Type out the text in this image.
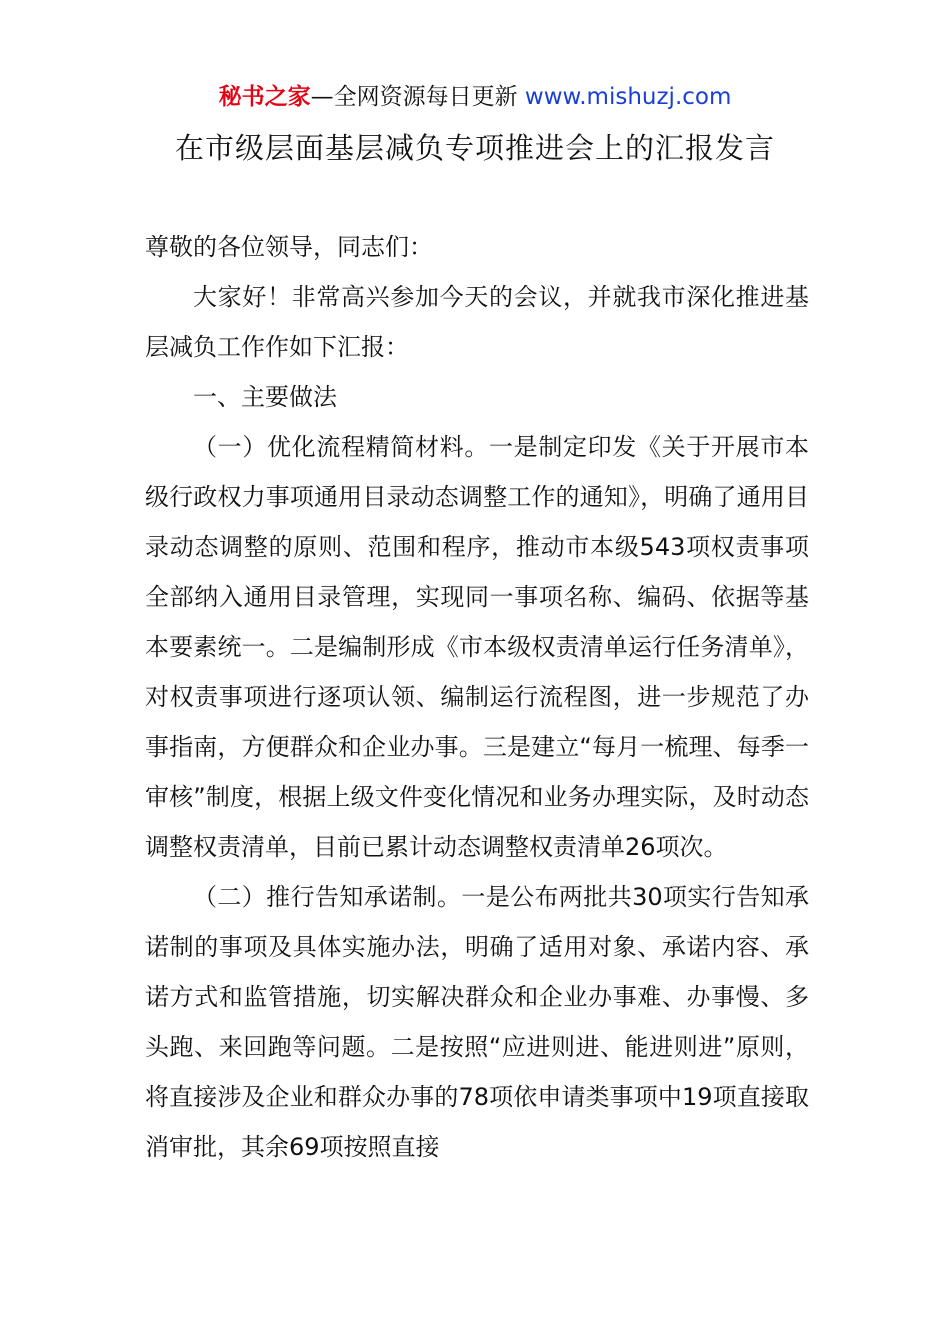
秘书之家—全网资源每日更新 www.mishuzj.com
在市级层面基层减负专项推进会上的汇报发言

尊敬的各位领导，同志们：

大家好！非常高兴参加今天的会议，并就我市深化推进基层减负工作作如下汇报：

一、主要做法

（一）优化流程精简材料。一是制定印发《关于开展市本级行政权力事项通用目录动态调整工作的通知》，明确了通用目录动态调整的原则、范围和程序，推动市本级543项权责事项全部纳入通用目录管理，实现同一事项名称、编码、依据等基本要素统一。二是编制形成《市本级权责清单运行任务清单》，对权责事项进行逐项认领、编制运行流程图，进一步规范了办事指南，方便群众和企业办事。三是建立“每月一梳理、每季一审核”制度，根据上级文件变化情况和业务办理实际，及时动态调整权责清单，目前已累计动态调整权责清单26项次。

（二）推行告知承诺制。一是公布两批共30项实行告知承诺制的事项及具体实施办法，明确了适用对象、承诺内容、承诺方式和监管措施，切实解决群众和企业办事难、办事慢、多头跑、来回跑等问题。二是按照“应进则进、能进则进”原则，将直接涉及企业和群众办事的78项依申请类事项中19项直接取消审批，其余69项按照直接
